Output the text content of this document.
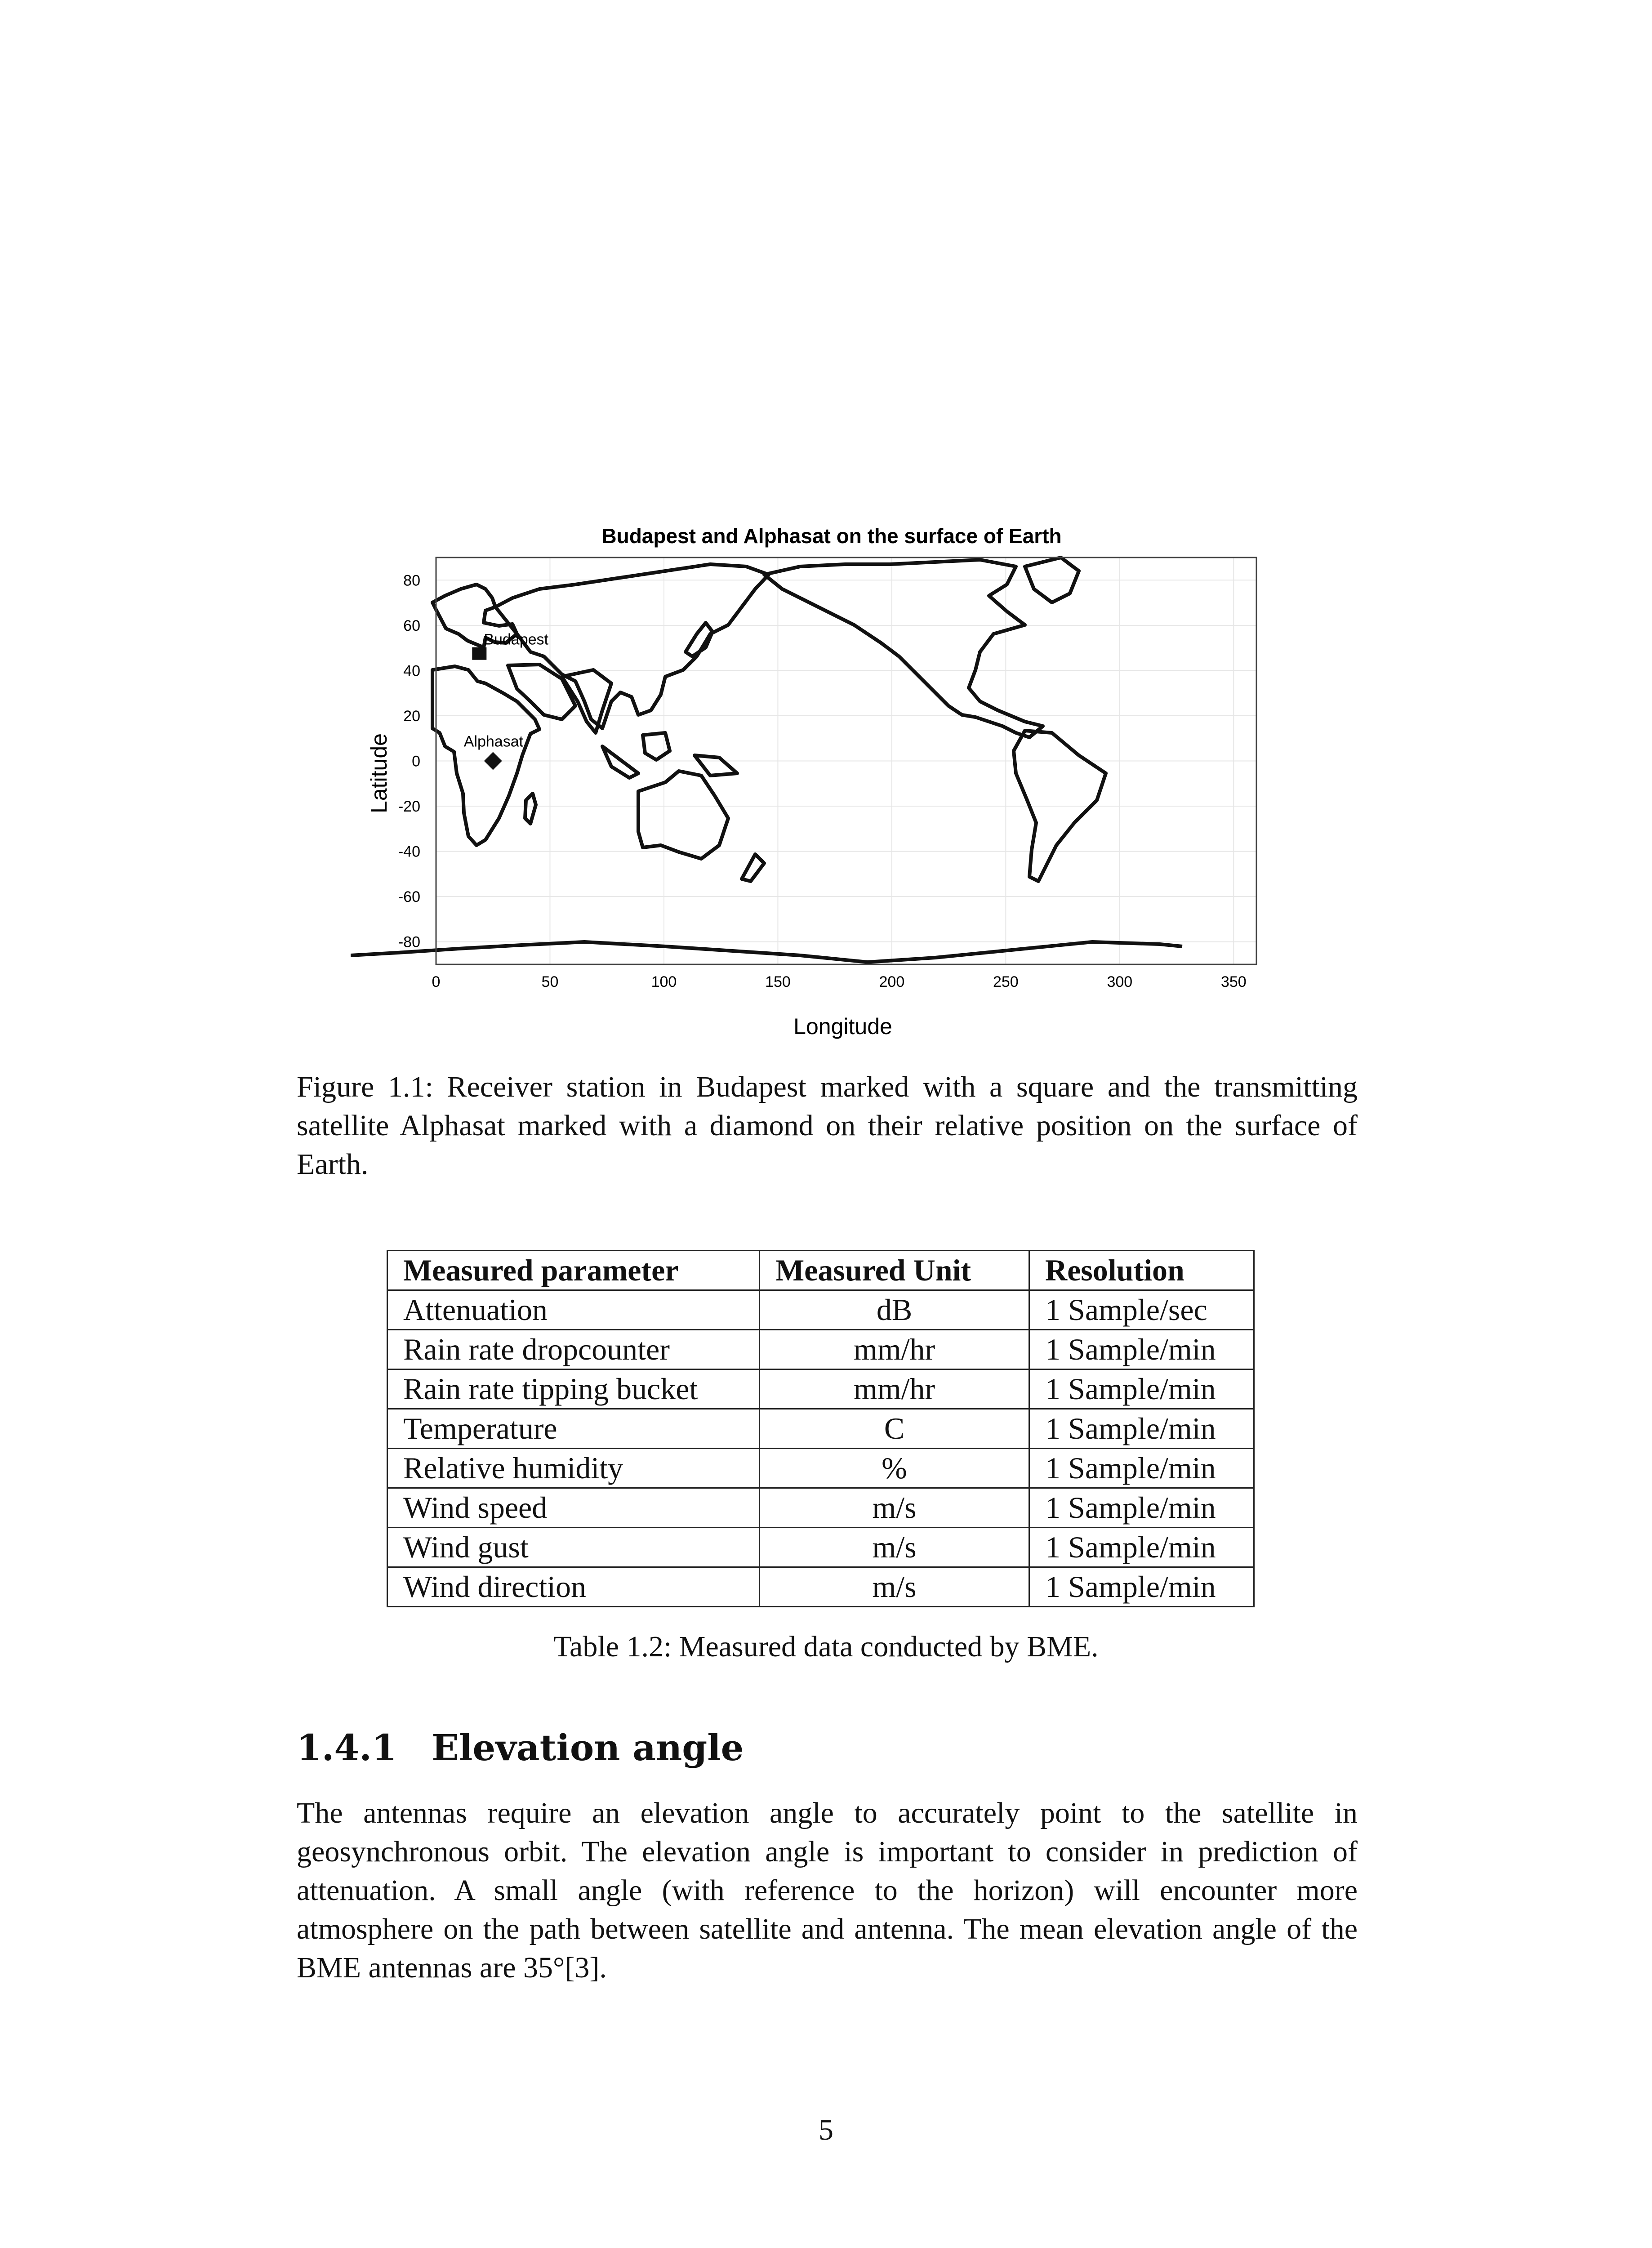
Budapest and Alphasat on the surface of Earth
Longitude
Latitude
0	50	100	150	200	250	300	350
80
60
40
20
0
-20
-40
-60
-80
Budapest
Alphasat
Figure 1.1: Receiver station in Budapest marked with a square and the transmitting satellite Alphasat marked with a diamond on their relative position on the surface of Earth.
Measured parameter	Measured Unit	Resolution
Attenuation	dB	1 Sample/sec
Rain rate dropcounter	mm/hr	1 Sample/min
Rain rate tipping bucket	mm/hr	1 Sample/min
Temperature	C	1 Sample/min
Relative humidity	%	1 Sample/min
Wind speed	m/s	1 Sample/min
Wind gust	m/s	1 Sample/min
Wind direction	m/s	1 Sample/min
Table 1.2: Measured data conducted by BME.
1.4.1 Elevation angle
The antennas require an elevation angle to accurately point to the satellite in geosynchronous orbit. The elevation angle is important to consider in prediction of attenuation. A small angle (with reference to the horizon) will encounter more atmosphere on the path between satellite and antenna. The mean elevation angle of the BME antennas are 35°[3].
5
